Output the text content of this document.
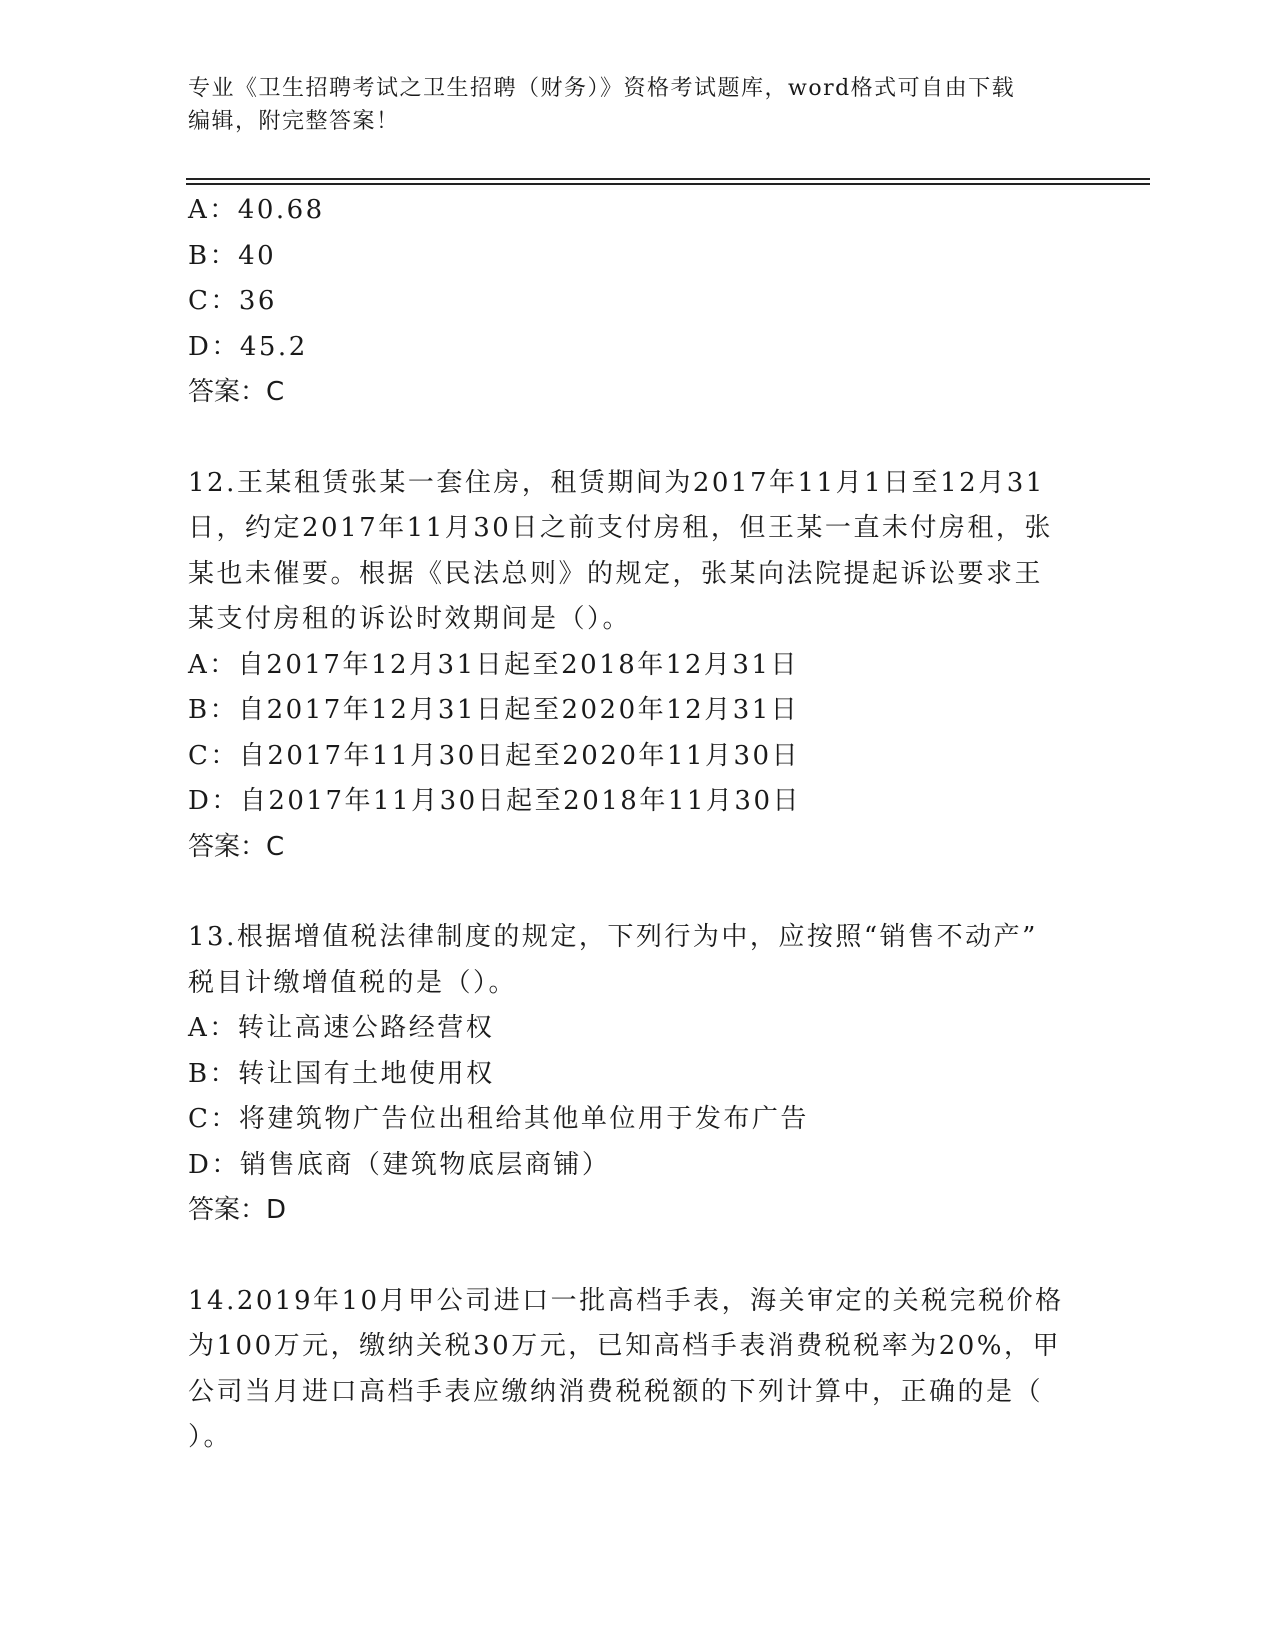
专业《卫生招聘考试之卫生招聘（财务）》资格考试题库，word格式可自由下载
编辑，附完整答案！
A：40.68
B：40
C：36
D：45.2
答案：C
12.王某租赁张某一套住房，租赁期间为2017年11月1日至12月31
日，约定2017年11月30日之前支付房租，但王某一直未付房租，张
某也未催要。根据《民法总则》的规定，张某向法院提起诉讼要求王
某支付房租的诉讼时效期间是（）。
A：自2017年12月31日起至2018年12月31日
B：自2017年12月31日起至2020年12月31日
C：自2017年11月30日起至2020年11月30日
D：自2017年11月30日起至2018年11月30日
答案：C
13.根据增值税法律制度的规定，下列行为中，应按照“销售不动产”
税目计缴增值税的是（）。
A：转让高速公路经营权
B：转让国有土地使用权
C：将建筑物广告位出租给其他单位用于发布广告
D：销售底商（建筑物底层商铺）
答案：D
14.2019年10月甲公司进口一批高档手表，海关审定的关税完税价格
为100万元，缴纳关税30万元，已知高档手表消费税税率为20%，甲
公司当月进口高档手表应缴纳消费税税额的下列计算中，正确的是（
）。
